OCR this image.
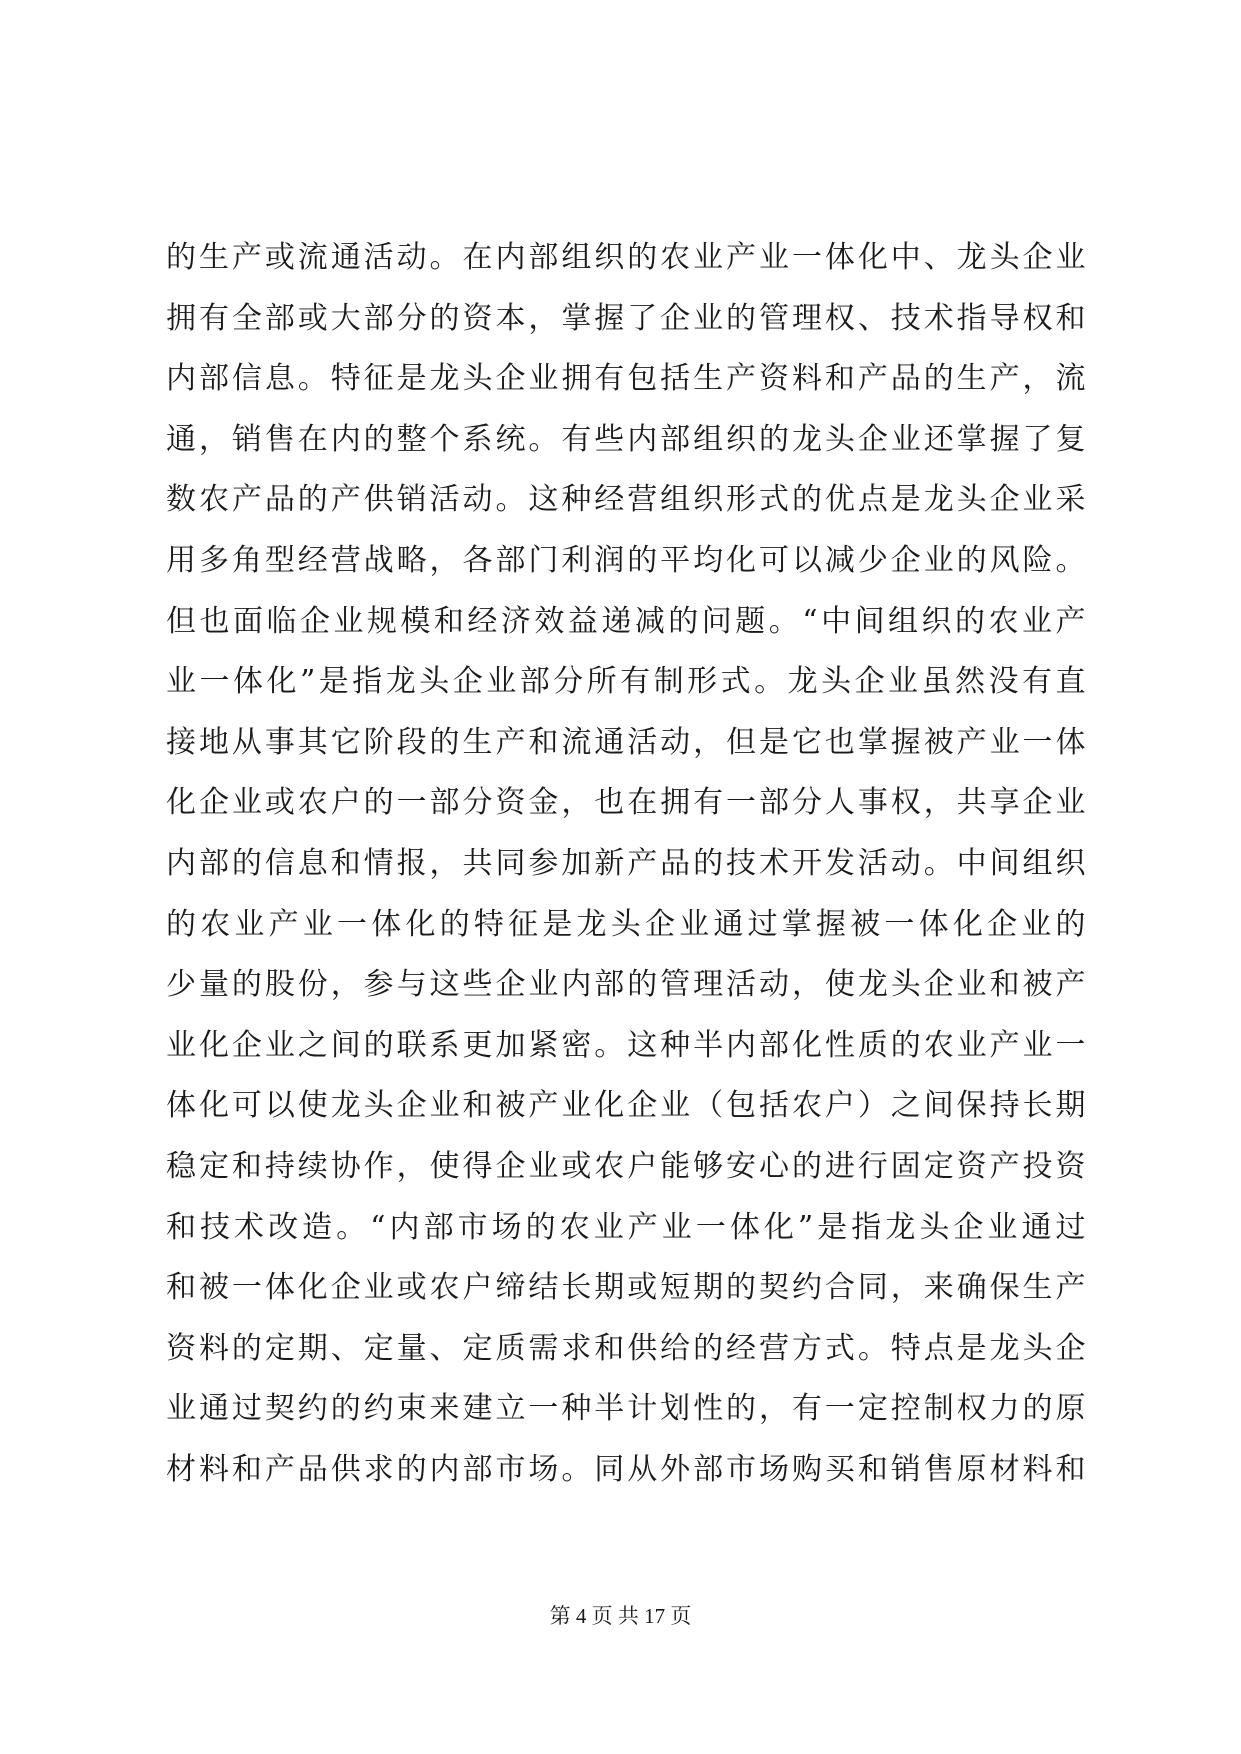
的生产或流通活动。在内部组织的农业产业一体化中、龙头企业
拥有全部或大部分的资本，掌握了企业的管理权、技术指导权和
内部信息。特征是龙头企业拥有包括生产资料和产品的生产，流
通，销售在内的整个系统。有些内部组织的龙头企业还掌握了复
数农产品的产供销活动。这种经营组织形式的优点是龙头企业采
用多角型经营战略，各部门利润的平均化可以减少企业的风险。
但也面临企业规模和经济效益递减的问题。“中间组织的农业产
业一体化”是指龙头企业部分所有制形式。龙头企业虽然没有直
接地从事其它阶段的生产和流通活动，但是它也掌握被产业一体
化企业或农户的一部分资金，也在拥有一部分人事权，共享企业
内部的信息和情报，共同参加新产品的技术开发活动。中间组织
的农业产业一体化的特征是龙头企业通过掌握被一体化企业的
少量的股份，参与这些企业内部的管理活动，使龙头企业和被产
业化企业之间的联系更加紧密。这种半内部化性质的农业产业一
体化可以使龙头企业和被产业化企业（包括农户）之间保持长期
稳定和持续协作，使得企业或农户能够安心的进行固定资产投资
和技术改造。“内部市场的农业产业一体化”是指龙头企业通过
和被一体化企业或农户缔结长期或短期的契约合同，来确保生产
资料的定期、定量、定质需求和供给的经营方式。特点是龙头企
业通过契约的约束来建立一种半计划性的，有一定控制权力的原
材料和产品供求的内部市场。同从外部市场购买和销售原材料和
第 4 页 共 17 页
